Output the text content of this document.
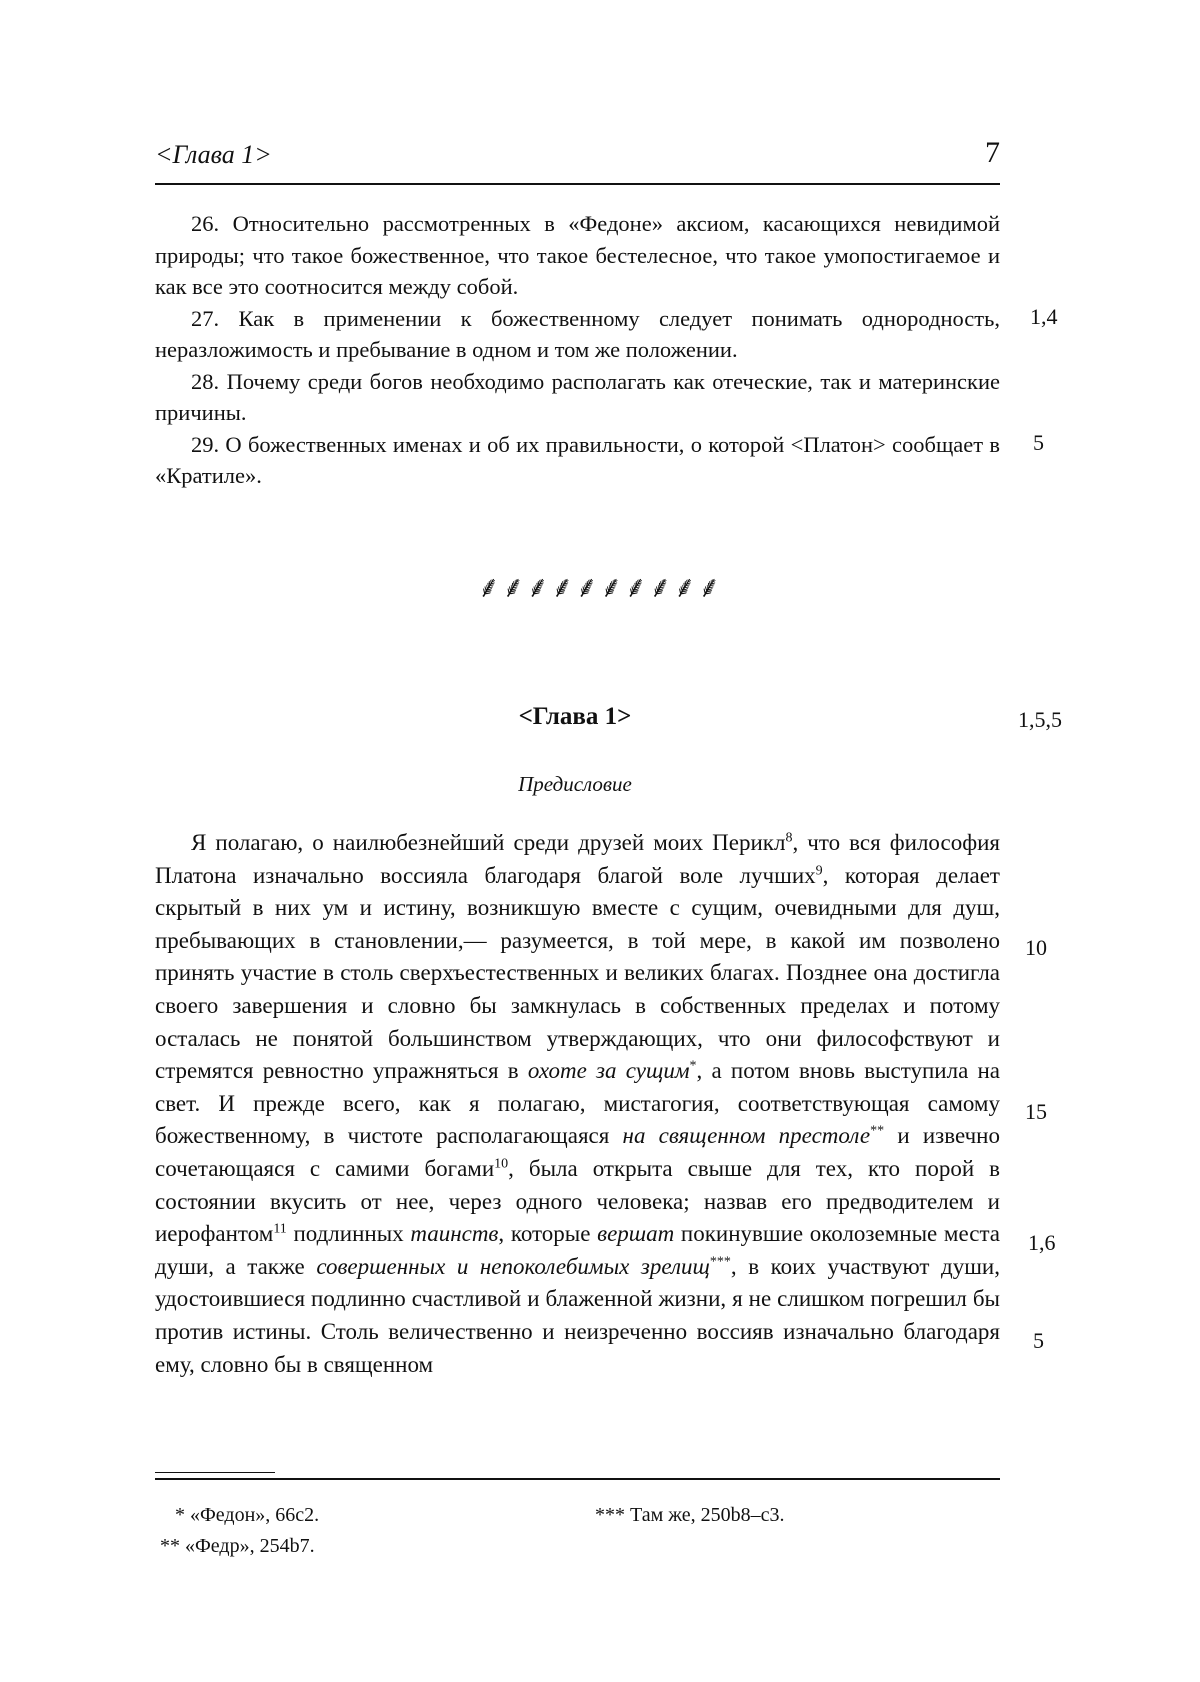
<Глава 1>	7

26. Относительно рассмотренных в «Федоне» аксиом, касающихся невидимой природы; что такое божественное, что такое бестелесное, что такое умопостигаемое и как все это соотносится между собой.

27. Как в применении к божественному следует понимать однородность, неразложимость и пребывание в одном и том же положении.

28. Почему среди богов необходимо располагать как отеческие, так и материнские причины.

29. О божественных именах и об их правильности, о которой <Платон> сообщает в «Кратиле».

1,4
5
⸙⸙⸙⸙⸙⸙⸙⸙⸙⸙
<Глава 1>	1,5,5
Предисловие

Я полагаю, о наилюбезнейший среди друзей моих Перикл$^8$, что вся философия Платона изначально воссияла благодаря благой воле лучших$^9$, которая делает скрытый в них ум и истину, возникшую вместе с сущим, очевидными для душ, пребывающих в становлении,— разумеется, в той мере, в какой им позволено принять участие в столь сверхъестественных и великих благах. Позднее она достигла своего завершения и словно бы замкнулась в собственных пределах и потому осталась не понятой большинством утверждающих, что они философствуют и стремятся ревностно упражняться в охоте за сущим*, а потом вновь выступила на свет. И прежде всего, как я полагаю, мистагогия, соответствующая самому божественному, в чистоте располагающаяся на священном престоле** и извечно сочетающаяся с самими богами$^{10}$, была открыта свыше для тех, кто порой в состоянии вкусить от нее, через одного человека; назвав его предводителем и иерофантом$^{11}$ подлинных таинств, которые вершат покинувшие околоземные места души, а также совершенных и непоколебимых зрелищ***, в коих участвуют души, удостоившиеся подлинно счастливой и блаженной жизни, я не слишком погрешил бы против истины. Столь величественно и неизреченно воссияв изначально благодаря ему, словно бы в священном

10
15
1,6
5
* «Федон», 66c2.
** «Федр», 254b7.
*** Там же, 250b8–c3.
